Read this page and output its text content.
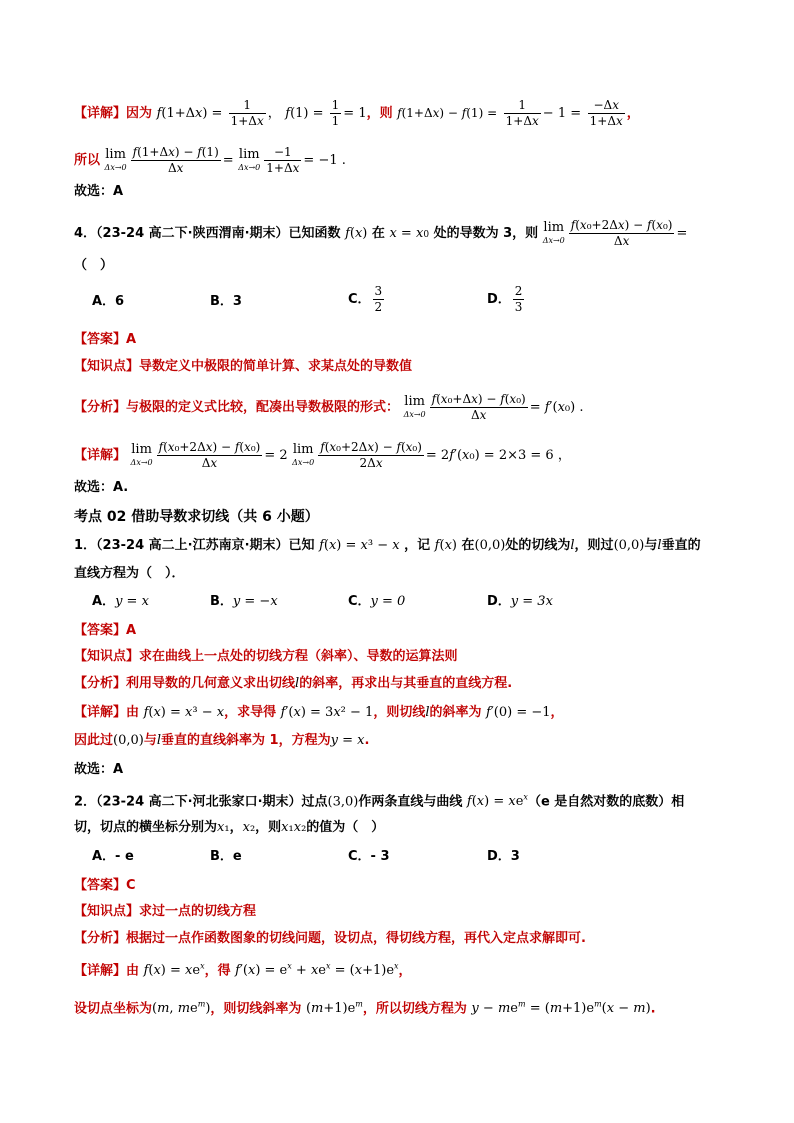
【详解】因为 $f(1+\Delta x) = \frac{1}{1+\Delta x}$ ， $f(1) = \frac{1}{1} = 1$，则 $f(1+\Delta x) - f(1) = \frac{1}{1+\Delta x} - 1 = \frac{-\Delta x}{1+\Delta x}$ ，
所以 lim
$\Delta x\to 0 \frac{f(1+\Delta x) - f(1)}{\Delta x} = \lim$
$\Delta x\to 0 \frac{-1}{1+\Delta x} = -1$ .
故选：A
4．（23-24 高二下·陕西渭南·期末）已知函数 f(x) 在 x = x0 处的导数为 3，则 lim
$\Delta x\to 0 \frac{\text{f(x₀+2Δx) − f(x₀)}}{\Delta x}$ =
（　）
A．6	B．3	C． $\frac{3}{2}$	D． $\frac{2}{3}$
【答案】A
【知识点】导数定义中极限的简单计算、求某点处的导数值
【分析】与极限的定义式比较，配凑出导数极限的形式： lim
$\Delta x\to 0 \frac{\text{f(x₀+Δx) − f(x₀)}}{\Delta x} = f'(x_0)$ .
【详解】 lim
$\Delta x\to 0 \frac{\text{f(x₀+2Δx) − f(x₀)}}{\Delta x} = 2$ lim
$\Delta x\to 0 \frac{\text{f(x₀+2Δx) − f(x₀)}}{2\Delta x} = 2f'(x_0) = 2\times 3 = 6$ ，
故选：A.
考点 02 借助导数求切线（共 6 小题）
1．（23-24 高二上·江苏南京·期末）已知 f(x) = x³ − x ，记 f(x) 在(0,0)处的切线为l，则过(0,0)与l垂直的
直线方程为（　）．
A．y = x	B．y = −x	C．y = 0	D．y = 3x
【答案】A
【知识点】求在曲线上一点处的切线方程（斜率）、导数的运算法则
【分析】利用导数的几何意义求出切线l的斜率，再求出与其垂直的直线方程.
【详解】由 f(x) = x³ − x，求导得 f′(x) = 3x² − 1，则切线l的斜率为 f′(0) = −1，
因此过(0,0)与l垂直的直线斜率为 1，方程为y = x.
故选：A
2．（23-24 高二下·河北张家口·期末）过点(3,0)作两条直线与曲线 $f(x) = xe^x(e$ 是自然对数的底数）相
切，切点的横坐标分别为x₁，x₂，则x₁x₂的值为（　）
A．- e	B．e	C．- 3	D．3
【答案】C
【知识点】求过一点的切线方程
【分析】根据过一点作函数图象的切线问题，设切点，得切线方程，再代入定点求解即可.
【详解】由 $f(x) = xe^x$，得 $f'(x) = e^x + xe^x = (x+1)e^x$，
设切点坐标为(m, $me^m$)，则切线斜率为 $(m+1)e^m$，所以切线方程为 $y - me^m = (m+1)e^m(x - m)$.
